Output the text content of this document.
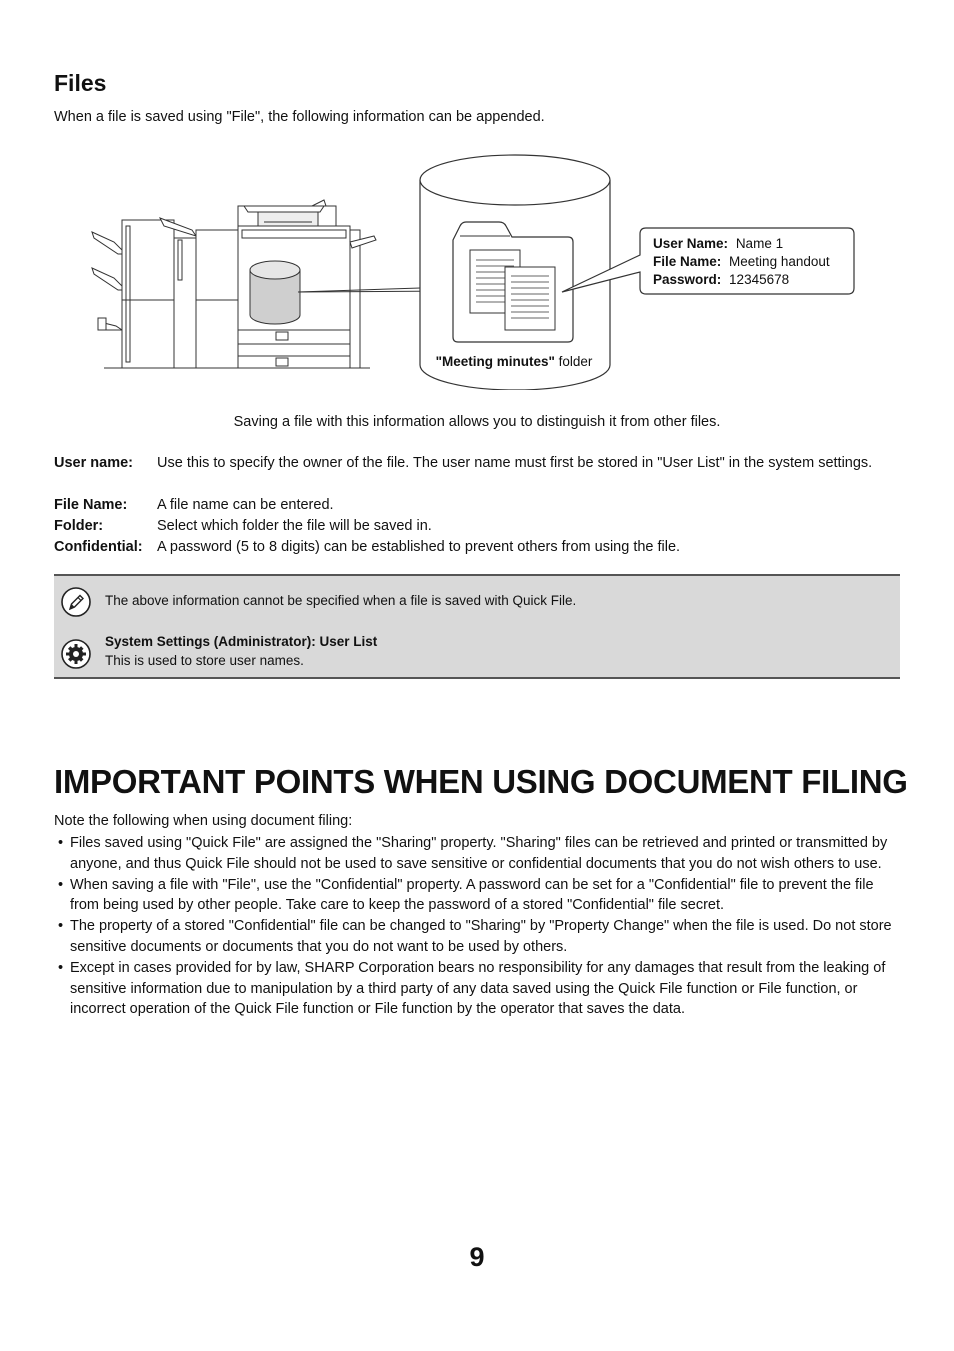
Files
When a file is saved using "File", the following information can be appended.
User Name: Name 1
File Name: Meeting handout
Password: 12345678
"Meeting minutes" folder
Saving a file with this information allows you to distinguish it from other files.
User name: Use this to specify the owner of the file. The user name must first be stored in "User List" in the system settings.
File Name: A file name can be entered.
Folder:	Select which folder the file will be saved in.
Confidential: A password (5 to 8 digits) can be established to prevent others from using the file.
The above information cannot be specified when a file is saved with Quick File.
System Settings (Administrator): User List
This is used to store user names.
IMPORTANT POINTS WHEN USING DOCUMENT FILING
Note the following when using document filing:
• Files saved using "Quick File" are assigned the "Sharing" property. "Sharing" files can be retrieved and printed or transmitted by anyone, and thus Quick File should not be used to save sensitive or confidential documents that you do not wish others to use.
• When saving a file with "File", use the "Confidential" property. A password can be set for a "Confidential" file to prevent the file from being used by other people. Take care to keep the password of a stored "Confidential" file secret.
• The property of a stored "Confidential" file can be changed to "Sharing" by "Property Change" when the file is used. Do not store sensitive documents or documents that you do not want to be used by others.
• Except in cases provided for by law, SHARP Corporation bears no responsibility for any damages that result from the leaking of sensitive information due to manipulation by a third party of any data saved using the Quick File function or File function, or incorrect operation of the Quick File function or File function by the operator that saves the data.
9
